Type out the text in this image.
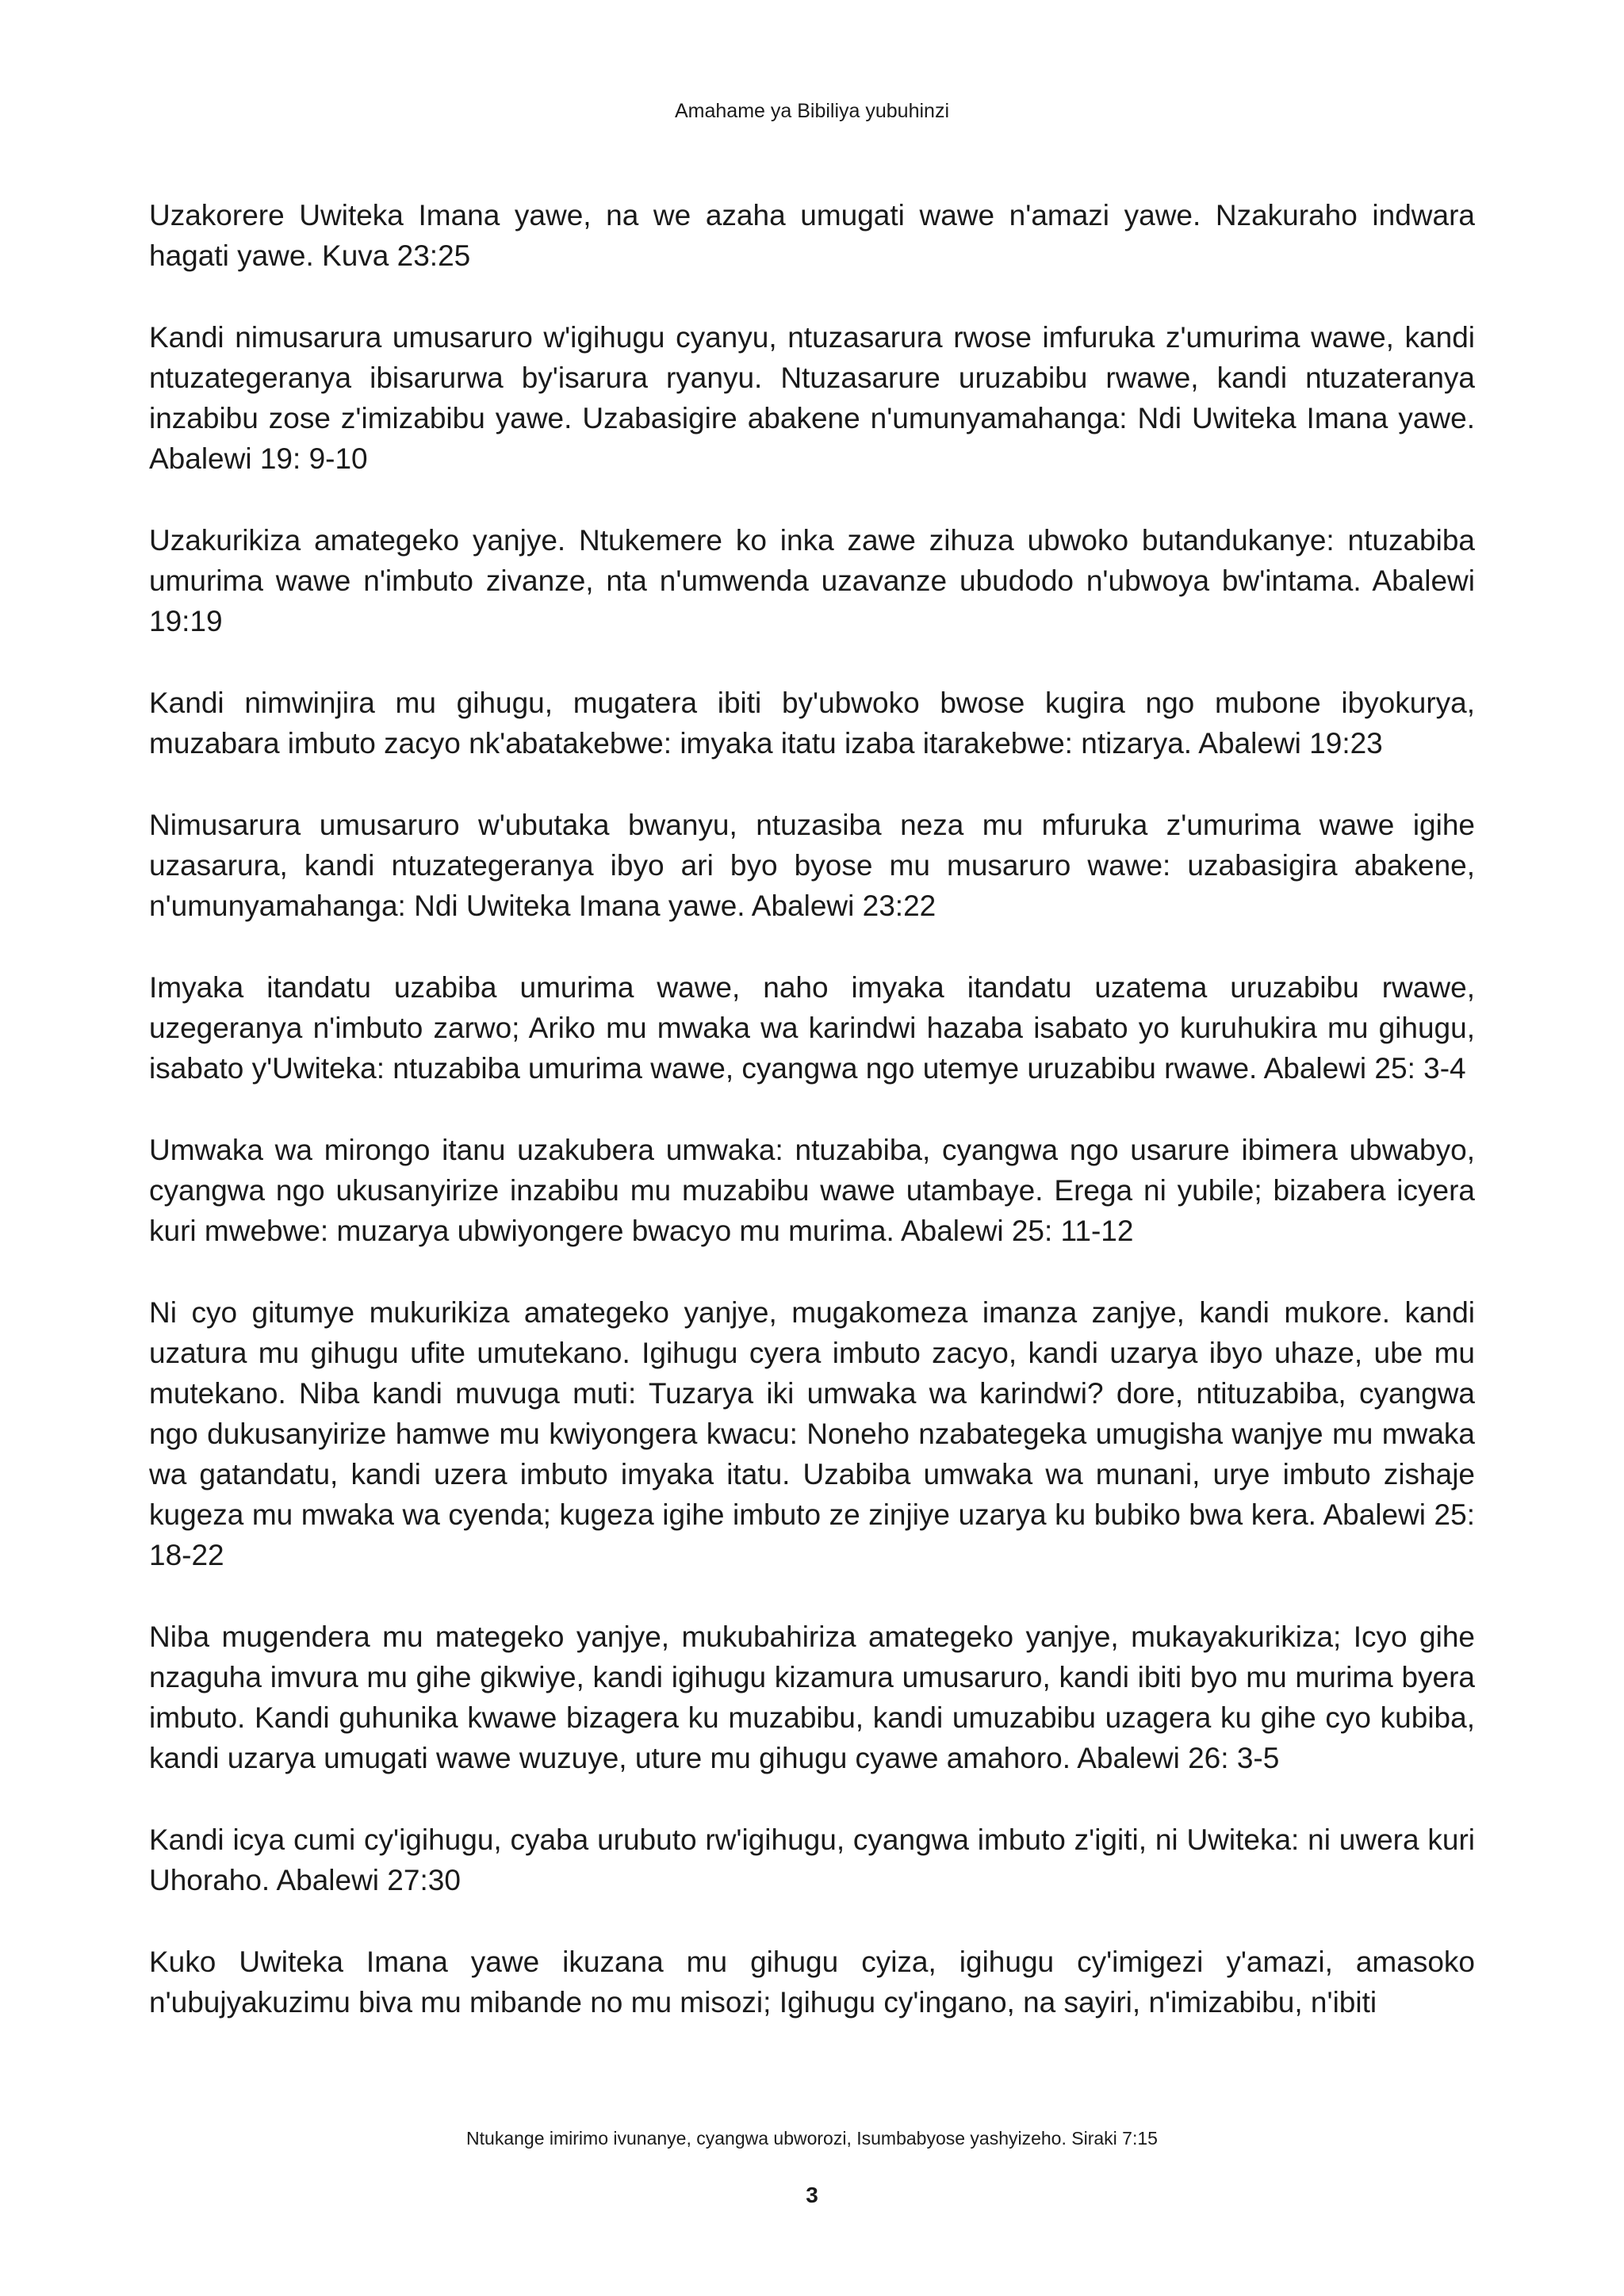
Amahame ya Bibiliya yubuhinzi

Uzakorere Uwiteka Imana yawe, na we azaha umugati wawe n'amazi yawe. Nzakuraho indwara hagati yawe. Kuva 23:25

Kandi nimusarura umusaruro w'igihugu cyanyu, ntuzasarura rwose imfuruka z'umurima wawe, kandi ntuzategeranya ibisarurwa by'isarura ryanyu. Ntuzasarure uruzabibu rwawe, kandi ntuzateranya inzabibu zose z'imizabibu yawe. Uzabasigire abakene n'umunyamahanga: Ndi Uwiteka Imana yawe. Abalewi 19: 9-10

Uzakurikiza amategeko yanjye. Ntukemere ko inka zawe zihuza ubwoko butandukanye: ntuzabiba umurima wawe n'imbuto zivanze, nta n'umwenda uzavanze ubudodo n'ubwoya bw'intama. Abalewi 19:19

Kandi nimwinjira mu gihugu, mugatera ibiti by'ubwoko bwose kugira ngo mubone ibyokurya, muzabara imbuto zacyo nk'abatakebwe: imyaka itatu izaba itarakebwe: ntizarya. Abalewi 19:23

Nimusarura umusaruro w'ubutaka bwanyu, ntuzasiba neza mu mfuruka z'umurima wawe igihe uzasarura, kandi ntuzategeranya ibyo ari byo byose mu musaruro wawe: uzabasigira abakene, n'umunyamahanga: Ndi Uwiteka Imana yawe. Abalewi 23:22

Imyaka itandatu uzabiba umurima wawe, naho imyaka itandatu uzatema uruzabibu rwawe, uzegeranya n'imbuto zarwo; Ariko mu mwaka wa karindwi hazaba isabato yo kuruhukira mu gihugu, isabato y'Uwiteka: ntuzabiba umurima wawe, cyangwa ngo utemye uruzabibu rwawe. Abalewi 25: 3-4

Umwaka wa mirongo itanu uzakubera umwaka: ntuzabiba, cyangwa ngo usarure ibimera ubwabyo, cyangwa ngo ukusanyirize inzabibu mu muzabibu wawe utambaye. Erega ni yubile; bizabera icyera kuri mwebwe: muzarya ubwiyongere bwacyo mu murima. Abalewi 25: 11-12

Ni cyo gitumye mukurikiza amategeko yanjye, mugakomeza imanza zanjye, kandi mukore. kandi uzatura mu gihugu ufite umutekano. Igihugu cyera imbuto zacyo, kandi uzarya ibyo uhaze, ube mu mutekano. Niba kandi muvuga muti: Tuzarya iki umwaka wa karindwi? dore, ntituzabiba, cyangwa ngo dukusanyirize hamwe mu kwiyongera kwacu: Noneho nzabategeka umugisha wanjye mu mwaka wa gatandatu, kandi uzera imbuto imyaka itatu. Uzabiba umwaka wa munani, urye imbuto zishaje kugeza mu mwaka wa cyenda; kugeza igihe imbuto ze zinjiye uzarya ku bubiko bwa kera. Abalewi 25: 18-22

Niba mugendera mu mategeko yanjye, mukubahiriza amategeko yanjye, mukayakurikiza; Icyo gihe nzaguha imvura mu gihe gikwiye, kandi igihugu kizamura umusaruro, kandi ibiti byo mu murima byera imbuto. Kandi guhunika kwawe bizagera ku muzabibu, kandi umuzabibu uzagera ku gihe cyo kubiba, kandi uzarya umugati wawe wuzuye, uture mu gihugu cyawe amahoro. Abalewi 26: 3-5

Kandi icya cumi cy'igihugu, cyaba urubuto rw'igihugu, cyangwa imbuto z'igiti, ni Uwiteka: ni uwera kuri Uhoraho. Abalewi 27:30

Kuko Uwiteka Imana yawe ikuzana mu gihugu cyiza, igihugu cy'imigezi y'amazi, amasoko n'ubujyakuzimu biva mu mibande no mu misozi; Igihugu cy'ingano, na sayiri, n'imizabibu, n'ibiti

Ntukange imirimo ivunanye, cyangwa ubworozi, Isumbabyose yashyizeho. Siraki 7:15
3
